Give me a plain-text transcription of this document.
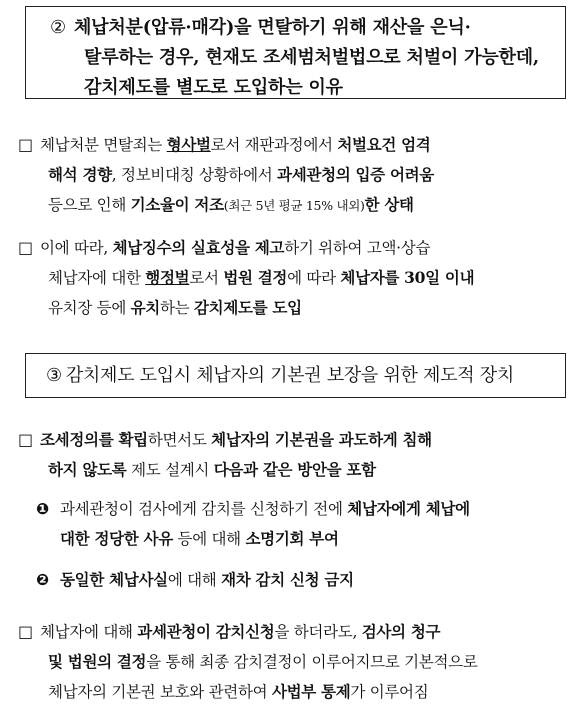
② 체납처분(압류·매각)을 면탈하기 위해 재산을 은닉·
탈루하는 경우, 현재도 조세범처벌법으로 처벌이 가능한데,
감치제도를 별도로 도입하는 이유
□ 체납처분 면탈죄는 형사벌로서 재판과정에서 처벌요건 엄격
해석 경향, 정보비대칭 상황하에서 과세관청의 입증 어려움
등으로 인해 기소율이 저조(최근 5년 평균 15% 내외)한 상태
□ 이에 따라, 체납징수의 실효성을 제고하기 위하여 고액·상습
체납자에 대한 행정벌로서 법원 결정에 따라 체납자를 30일 이내
유치장 등에 유치하는 감치제도를 도입
③ 감치제도 도입시 체납자의 기본권 보장을 위한 제도적 장치
□ 조세정의를 확립하면서도 체납자의 기본권을 과도하게 침해
하지 않도록 제도 설계시 다음과 같은 방안을 포함
❶ 과세관청이 검사에게 감치를 신청하기 전에 체납자에게 체납에
대한 정당한 사유 등에 대해 소명기회 부여
❷ 동일한 체납사실에 대해 재차 감치 신청 금지
□ 체납자에 대해 과세관청이 감치신청을 하더라도, 검사의 청구
및 법원의 결정을 통해 최종 감치결정이 이루어지므로 기본적으로
체납자의 기본권 보호와 관련하여 사법부 통제가 이루어짐
